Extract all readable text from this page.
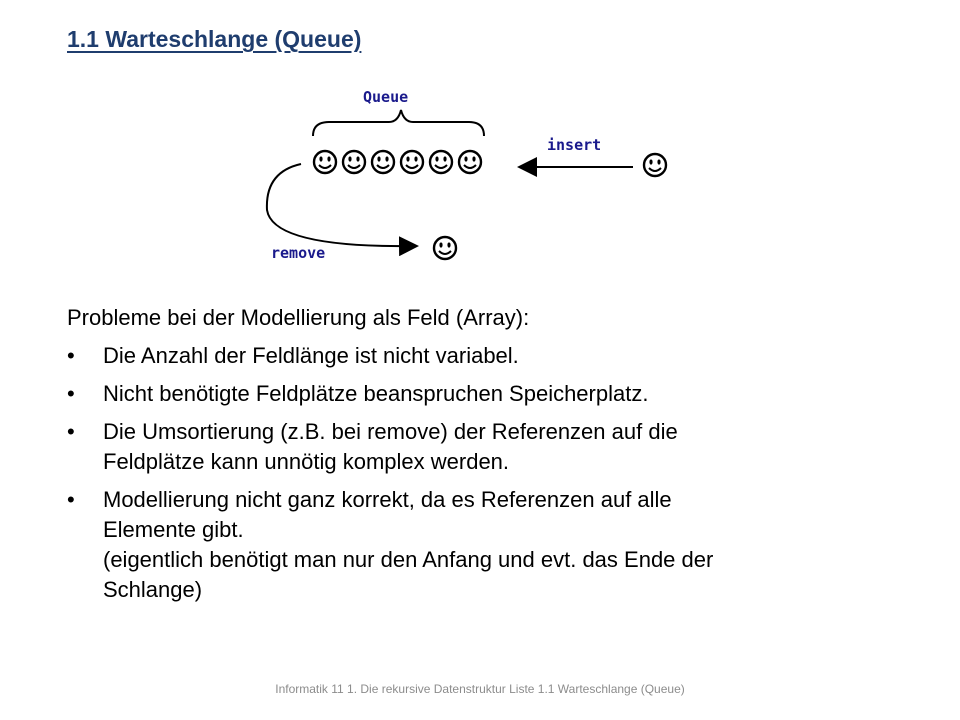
1.1 Warteschlange (Queue)
Queue
insert
remove

Probleme bei der Modellierung als Feld (Array):

•	Die Anzahl der Feldlänge ist nicht variabel.
•	Nicht benötigte Feldplätze beanspruchen Speicherplatz.
•	Die Umsortierung (z.B. bei remove) der Referenzen auf die
Feldplätze kann unnötig komplex werden.
•	Modellierung nicht ganz korrekt, da es Referenzen auf alle
Elemente gibt.
(eigentlich benötigt man nur den Anfang und evt. das Ende der
Schlange)
Informatik 11 1. Die rekursive Datenstruktur Liste 1.1 Warteschlange (Queue)
